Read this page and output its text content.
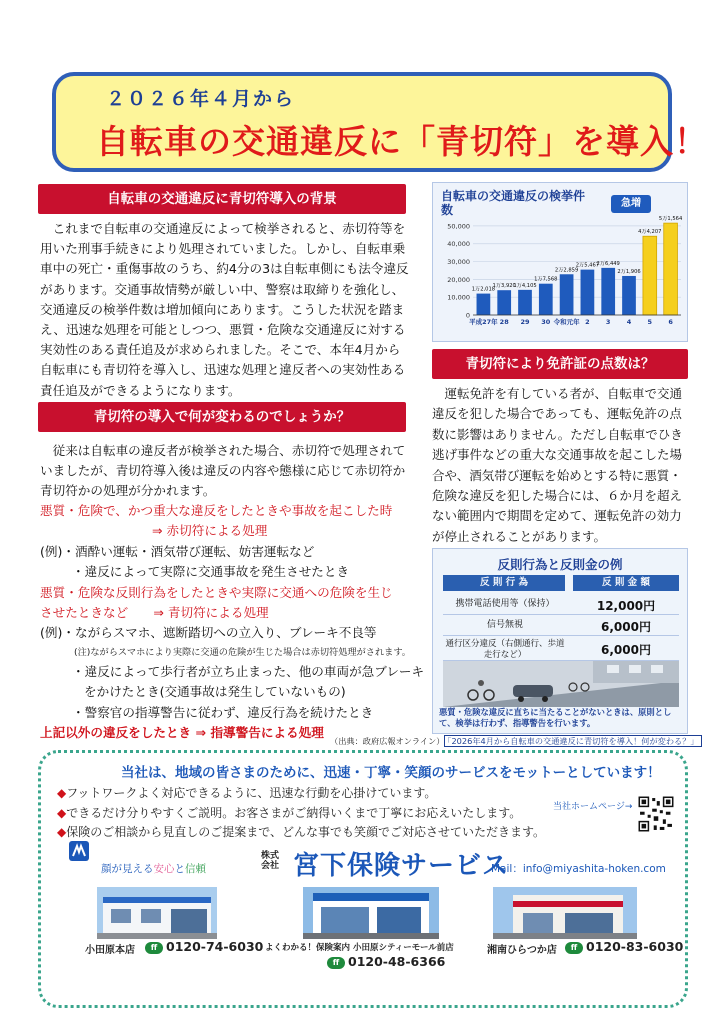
２０２６年４月から
自転車の交通違反に「青切符」を導入！
自転車の交通違反に青切符導入の背景

これまで自転車の交通違反によって検挙されると、赤切符等を用いた刑事手続きにより処理されていました。しかし、自転車乗車中の死亡・重傷事故のうち、約4分の3は自転車側にも法令違反があります。交通事故情勢が厳しい中、警察は取締りを強化し、交通違反の検挙件数は増加傾向にあります。こうした状況を踏まえ、迅速な処理を可能としつつ、悪質・危険な交通違反に対する実効性のある責任追及が求められました。そこで、本年4月から自転車にも青切符を導入し、迅速な処理と違反者への実効性ある責任追及ができるようになります。

青切符の導入で何が変わるのでしょうか？

従来は自転車の違反者が検挙された場合、赤切符で処理されていましたが、青切符導入後は違反の内容や態様に応じて赤切符か青切符かの処理が分かれます。

悪質・危険で、かつ重大な違反をしたときや事故を起こした時
⇒ 赤切符による処理
(例)・酒酔い運転・酒気帯び運転、妨害運転など
・違反によって実際に交通事故を発生させたとき
悪質・危険な反則行為をしたときや実際に交通への危険を生じ
させたときなど　　⇒ 青切符による処理
(例)・ながらスマホ、遮断踏切への立入り、ブレーキ不良等
(注)ながらスマホにより実際に交通の危険が生じた場合は赤切符処理がされます。
・違反によって歩行者が立ち止まった、他の車両が急ブレーキ
をかけたとき(交通事故は発生していないもの)
・警察官の指導警告に従わず、違反行為を続けたとき
上記以外の違反をしたとき ⇒ 指導警告による処理
自転車の交通違反の検挙件数	急増
50,000
40,000
30,000
20,000
10,000
0
1万2,018
平成27年
1万3,920
28
1万4,105
29
1万7,568
30
2万2,859
令和元年
2万5,467
2
2万6,449
3
2万1,906
4
4万4,207
5
5万1,564
6
青切符により免許証の点数は？

運転免許を有している者が、自転車で交通違反を犯した場合であっても、運転免許の点数に影響はありません。ただし自転車でひき逃げ事件などの重大な交通事故を起こした場合や、酒気帯び運転を始めとする特に悪質・危険な違反を犯した場合には、６か月を超えない範囲内で期間を定めて、運転免許の効力が停止されることがあります。

反則行為と反則金の例
反 則 行 為	反 則 金 額
携帯電話使用等（保持）	12,000円
信号無視	6,000円
通行区分違反（右側通行、歩道走行など）	6,000円
悪質・危険な違反に直ちに当たることがないときは、原則として、検挙は行わず、指導警告を行います。
（出典：政府広報オンライン） 「2026年4月から自転車の交通違反に青切符を導入！何が変わる？」
当社は、地域の皆さまのために、迅速・丁寧・笑顔のサービスをモットーとしています！
◆フットワークよく対応できるように、迅速な行動を心掛けています。
◆できるだけ分りやすくご説明。お客さまがご納得いくまで丁寧にお応えいたします。
◆保険のご相談から見直しのご提案まで、どんな事でも笑顔でご対応させていただきます。
当社ホームページ→
顔が見える安心と信頼
株式
会社 宮下保険サービス
Mail：info@miyashita-hoken.com
小田原本店	ff 0120-74-6030 よくわかる！保険案内 小田原シティーモール前店
ff 0120-48-6366
湘南ひらつか店	ff 0120-83-6030
